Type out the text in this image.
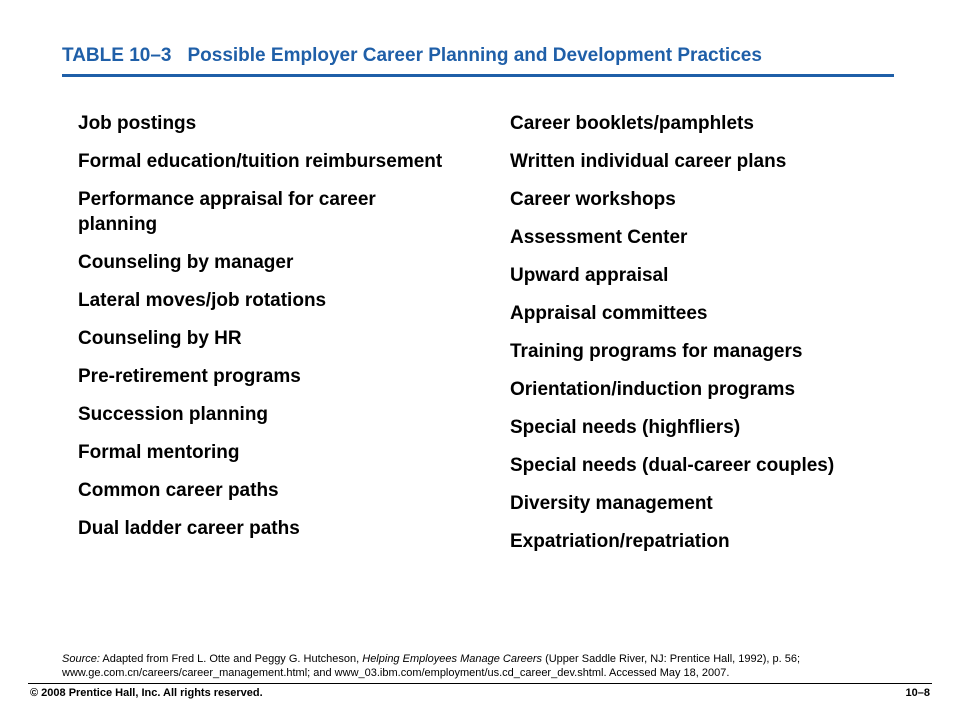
TABLE 10–3 Possible Employer Career Planning and Development Practices
Job postings
Formal education/tuition reimbursement
Performance appraisal for career planning
Counseling by manager
Lateral moves/job rotations
Counseling by HR
Pre-retirement programs
Succession planning
Formal mentoring
Common career paths
Dual ladder career paths
Career booklets/pamphlets
Written individual career plans
Career workshops
Assessment Center
Upward appraisal
Appraisal committees
Training programs for managers
Orientation/induction programs
Special needs (highfliers)
Special needs (dual-career couples)
Diversity management
Expatriation/repatriation
Source: Adapted from Fred L. Otte and Peggy G. Hutcheson, Helping Employees Manage Careers (Upper Saddle River, NJ: Prentice Hall, 1992), p. 56; www.ge.com.cn/careers/career_management.html; and www_03.ibm.com/employment/us.cd_career_dev.shtml. Accessed May 18, 2007.
© 2008 Prentice Hall, Inc. All rights reserved.	10–8
